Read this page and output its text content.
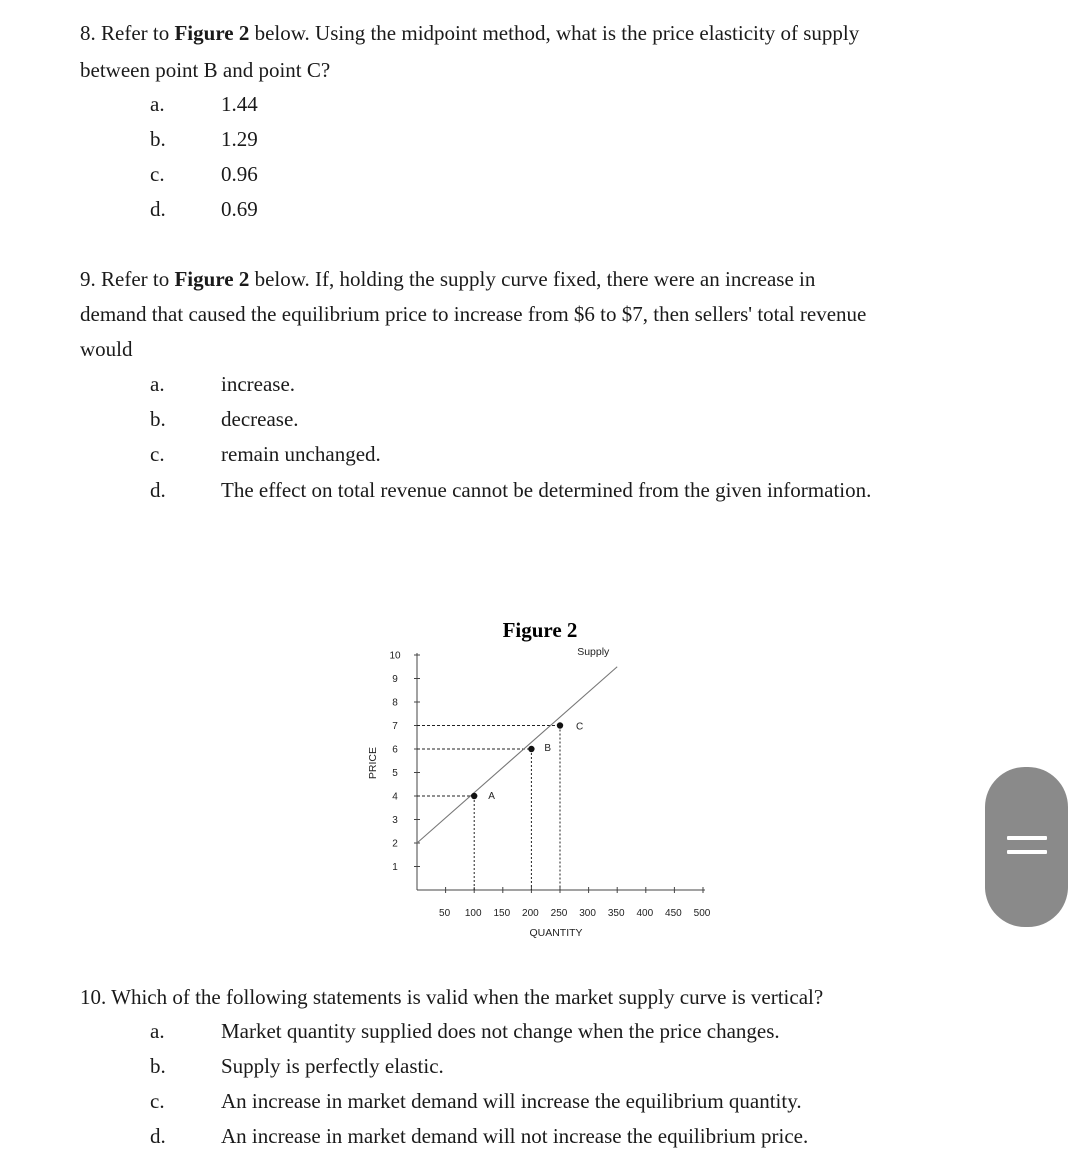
8. Refer to Figure 2 below. Using the midpoint method, what is the price elasticity of supply
between point B and point C?
a.	1.44
b.	1.29
c.	0.96
d.	0.69
9. Refer to Figure 2 below. If, holding the supply curve fixed, there were an increase in
demand that caused the equilibrium price to increase from $6 to $7, then sellers' total revenue
would
a.	increase.
b.	decrease.
c.	remain unchanged.
d.	The effect on total revenue cannot be determined from the given information.
Figure 2
A
B
C
1
2
3
4
5
6
7
8
9
10
50 100 150 200 250 300 350 400 450 500
PRICE
QUANTITY
Supply
10. Which of the following statements is valid when the market supply curve is vertical?
a.	Market quantity supplied does not change when the price changes.
b.	Supply is perfectly elastic.
c.	An increase in market demand will increase the equilibrium quantity.
d.	An increase in market demand will not increase the equilibrium price.
